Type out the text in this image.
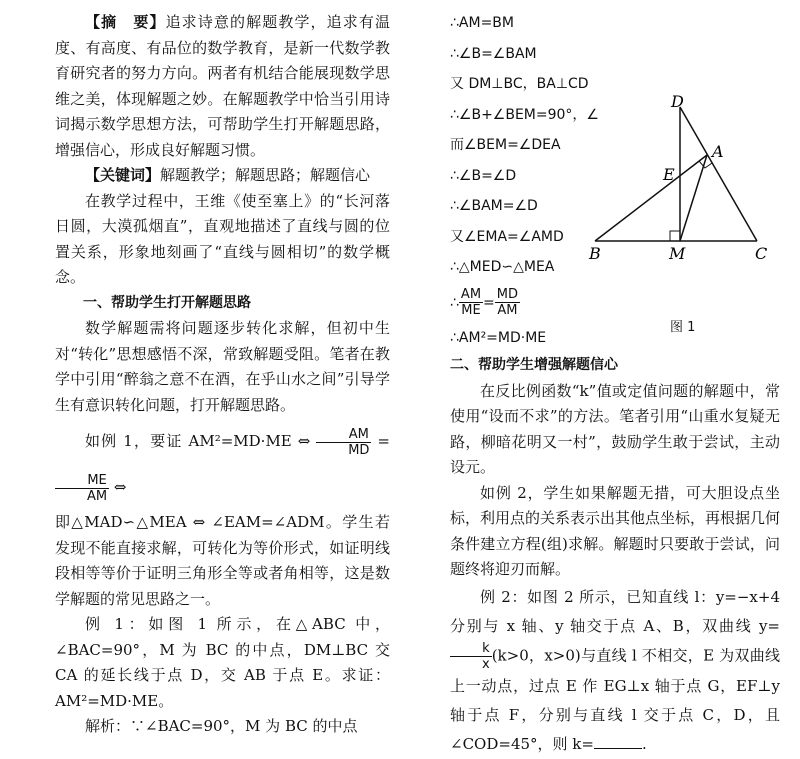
【摘　要】追求诗意的解题教学，追求有温度、有高度、有品位的数学教育，是新一代数学教育研究者的努力方向。两者有机结合能展现数学思维之美，体现解题之妙。在解题教学中恰当引用诗词揭示数学思想方法，可帮助学生打开解题思路，增强信心，形成良好解题习惯。

【关键词】解题教学；解题思路；解题信心

在教学过程中，王维《使至塞上》的“长河落日圆，大漠孤烟直”，直观地描述了直线与圆的位置关系，形象地刻画了“直线与圆相切”的数学概念。

一、帮助学生打开解题思路

数学解题需将问题逐步转化求解，但初中生对“转化”思想感悟不深，常致解题受阻。笔者在教学中引用“醉翁之意不在酒，在乎山水之间”引导学生有意识转化问题，打开解题思路。

如例 1，要证 AM²=MD·ME ⇔ $\frac{AM}{MD}$ =
$\frac{ME}{AM}$ ⇔

即△MAD∽△MEA ⇔ ∠EAM=∠ADM。学生若发现不能直接求解，可转化为等价形式，如证明线段相等等价于证明三角形全等或者角相等，这是数学解题的常见思路之一。

例 1：如图 1 所示，在△ABC 中，∠BAC=90°，M 为 BC 的中点，DM⊥BC 交 CA 的延长线于点 D，交 AB 于点 E。求证：AM²=MD·ME。

解析：∵∠BAC=90°，M 为 BC 的中点

∴AM=BM
∴∠B=∠BAM
又 DM⊥BC，BA⊥CD
∴∠B+∠BEM=90°，∠
而∠BEM=∠DEA
∴∠B=∠D
∴∠BAM=∠D
又∠EMA=∠AMD
∴△MED∽△MEA
∴ $\frac{AM}{ME} = \frac{MD}{AM}$
∴AM²=MD·ME

二、帮助学生增强解题信心

在反比例函数“k”值或定值问题的解题中，常使用“设而不求”的方法。笔者引用“山重水复疑无路，柳暗花明又一村”，鼓励学生敢于尝试，主动设元。

如例 2，学生如果解题无措，可大胆设点坐标，利用点的关系表示出其他点坐标，再根据几何条件建立方程(组)求解。解题时只要敢于尝试，问题终将迎刃而解。

例 2：如图 2 所示，已知直线 l：y=−x+4 分别与 x 轴、y 轴交于点 A、B，双曲线 y=
$\frac{k}{x} (k>0$，x>0)与直线 l 不相交，E 为双曲线上一动点，过点 E 作 EG⊥x 轴于点 G，EF⊥y 轴于点 F，分别与直线 l 交于点 C，D，且∠COD=45°，则 k=	.

D
A
E
B	M	C
图 1
